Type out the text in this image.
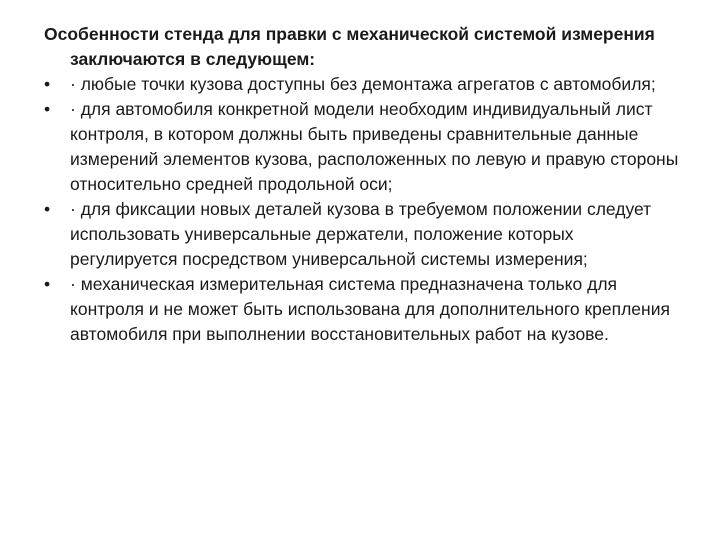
Особенности стенда для правки с механической системой измерения заключаются в следующем:

•	· любые точки кузова доступны без демонтажа агрегатов с автомобиля;
•	· для автомобиля конкретной модели необходим индивидуальный лист контроля, в котором должны быть приведены сравнительные данные измерений элементов кузова, расположенных по левую и правую стороны относительно средней продольной оси;
•	· для фиксации новых деталей кузова в требуемом положении следует использовать универсальные держатели, положение которых регулируется посредством универсальной системы измерения;
•	· механическая измерительная система предназначена только для контроля и не может быть использована для дополнительного крепления автомобиля при выполнении восстановительных работ на кузове.
